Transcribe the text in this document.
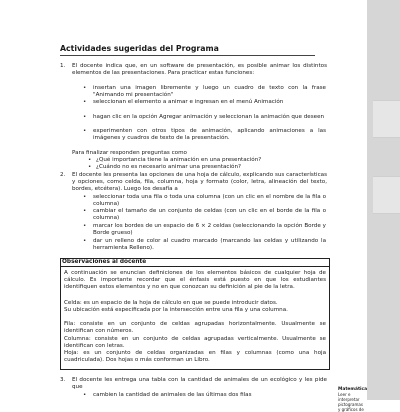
Actividades sugeridas del Programa
1. El docente indica que, en un software de presentación, es posible animar los distintos elementos de las presentaciones. Para practicar estas funciones:
• insertan una imagen libremente y luego un cuadro de texto con la frase "Animando mi presentación"
• seleccionan el elemento a animar e ingresan en el menú Animación
• hagan clic en la opción Agregar animación y seleccionan la animación que deseen
• experimenten con otros tipos de animación, aplicando animaciones a las imágenes y cuadros de texto de la presentación.
Para finalizar responden preguntas como
• ¿Qué importancia tiene la animación en una presentación?
• ¿Cuándo no es necesario animar una presentación?
2. El docente les presenta las opciones de una hoja de cálculo, explicando sus características y opciones, como celda, fila, columna, hoja y formato (color, letra, alineación del texto, bordes, etcétera). Luego los desafía a
• seleccionar toda una fila o toda una columna (con un clic en el nombre de la fila o columna)
• cambiar el tamaño de un conjunto de celdas (con un clic en el borde de la fila o columna)
• marcar los bordes de un espacio de 6 × 2 celdas (seleccionando la opción Borde y Borde grueso)
• dar un relleno de color al cuadro marcado (marcando las celdas y utilizando la herramienta Relleno).
Observaciones al docente
A continuación se enuncian definiciones de los elementos básicos de cualquier hoja de cálculo. Es importante recordar que el énfasis está puesto en que los estudiantes identifiquen estos elementos y no en que conozcan su definición al pie de la letra.
Celda: es un espacio de la hoja de cálculo en que se puede introducir datos.
Su ubicación está especificada por la intersección entre una fila y una columna.
Fila: consiste en un conjunto de celdas agrupadas horizontalmente. Usualmente se identifican con números.
Columna: consiste en un conjunto de celdas agrupadas verticalmente. Usualmente se identifican con letras.
Hoja: es un conjunto de celdas organizadas en filas y columnas (como una hoja cuadriculada). Dos hojas o más conforman un Libro.
3. El docente les entrega una tabla con la cantidad de animales de un ecológico y les pide que
• cambien la cantidad de animales de las últimas dos filas
Matemática
Leer e interpretar pictogramas y gráficos de
